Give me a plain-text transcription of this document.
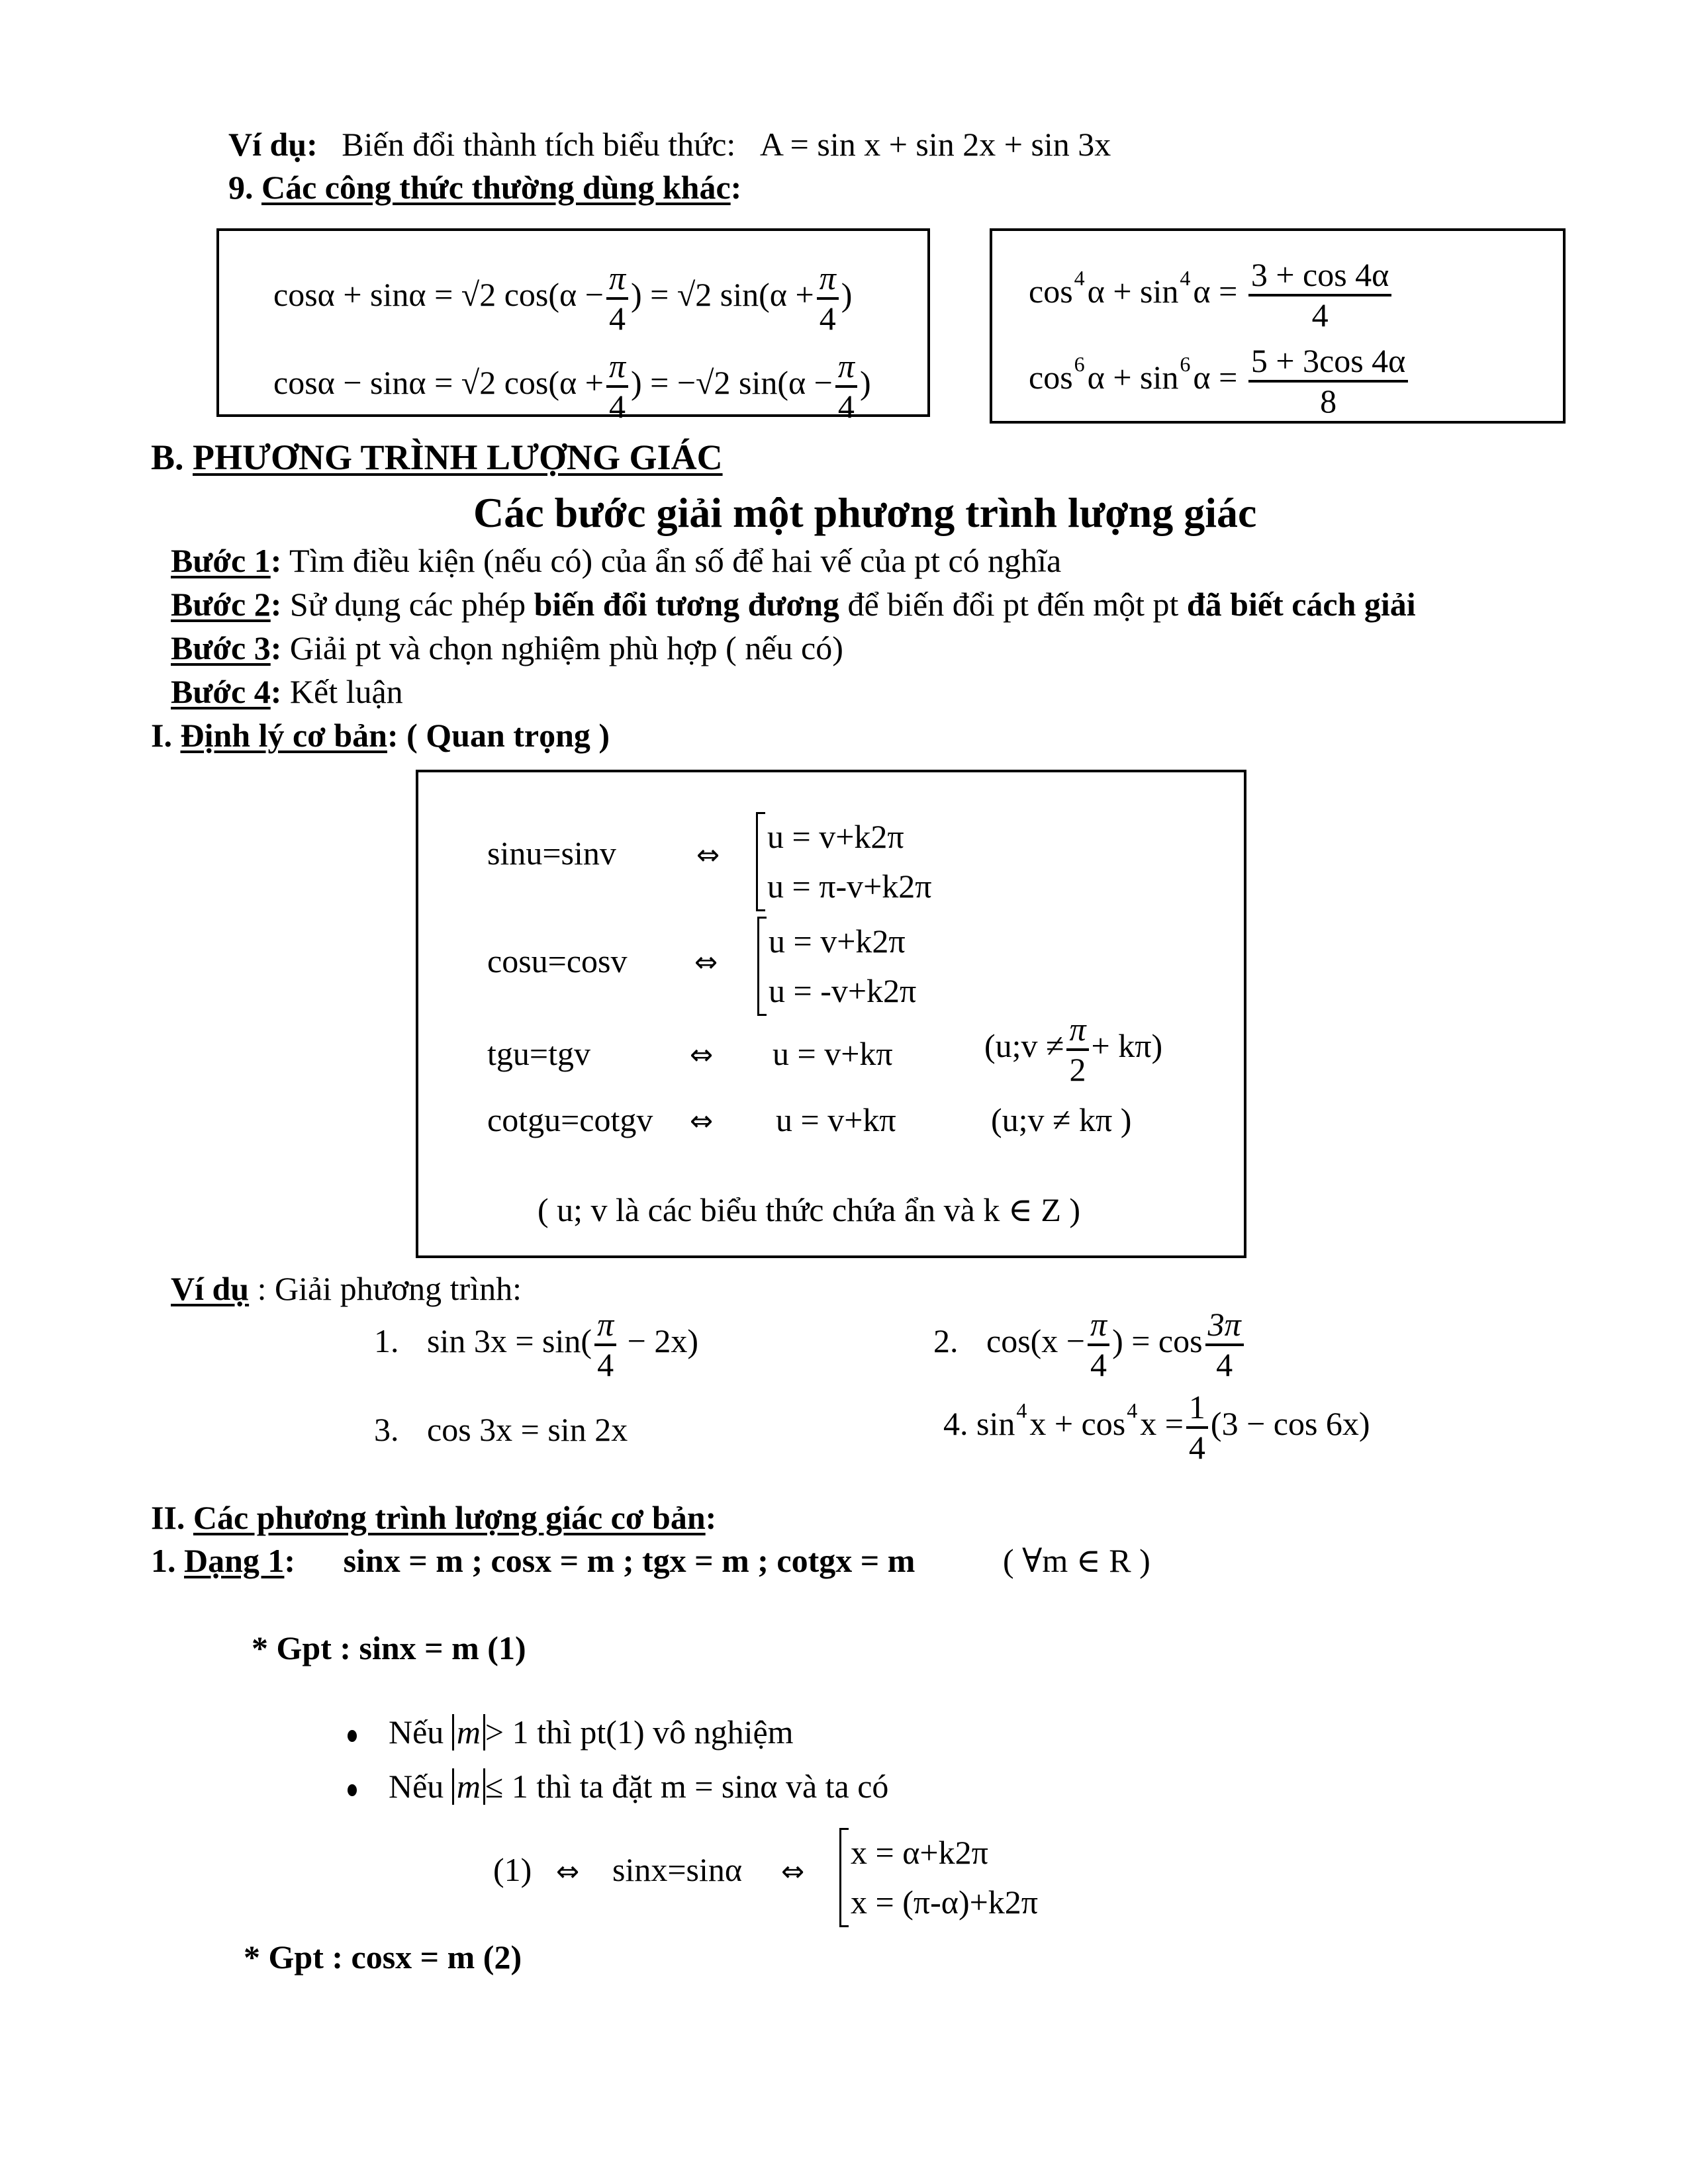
Ví dụ: Biến đổi thành tích biểu thức: A = sin x + sin 2x + sin 3x
9. Các công thức thường dùng khác:
cosα + sinα = √2 $\cos(\alpha - \frac{\pi}{4}$ ) = √2 $\sin(\alpha + \frac{\pi}{4}$ )
cosα − sinα = √2 $\cos(\alpha + \frac{\pi}{4}$ ) = −√2 $\sin(\alpha - \frac{\pi}{4}$ )
$\cos^4\alpha + \sin^4\alpha = \frac{3 + \cos 4\alpha}{4}$
$\cos^6\alpha + \sin^6\alpha = \frac{5 + 3\cos 4\alpha}{8}$
B. PHƯƠNG TRÌNH LƯỢNG GIÁC
Các bước giải một phương trình lượng giác
Bước 1: Tìm điều kiện (nếu có) của ẩn số để hai vế của pt có nghĩa
Bước 2: Sử dụng các phép biến đổi tương đương để biến đổi pt đến một pt đã biết cách giải
Bước 3: Giải pt và chọn nghiệm phù hợp ( nếu có)
Bước 4: Kết luận
I. Định lý cơ bản: ( Quan trọng )
sinu=sinv	⇔ u = v+k2π
u = π-v+k2π
cosu=cosv ⇔
u = v+k2π
u = -v+k2π
tgu=tgv	⇔ u = v+kπ	(u;v ≠ $\frac{\pi}{2} + k\pi$)
cotgu=cotgv ⇔ u = v+kπ	(u;v ≠ kπ )
( u; v là các biểu thức chứa ẩn và k ∈ Z )
Ví dụ : Giải phương trình:
1. $\sin 3x = \sin( \frac{\pi}{4} - 2x)$	2. $\cos(x - \frac{\pi}{4}$ ) = $\cos \frac{3\pi}{4}$
3. cos 3x = sin 2x	4. $\sin^4x + \cos^4x = \frac{1}{4} (3 - \cos 6x)$
II. Các phương trình lượng giác cơ bản:
1. Dạng 1: sinx = m ; cosx = m ; tgx = m ; cotgx = m	( ∀m ∈ R )
* Gpt : sinx = m (1)
Nếu m > 1 thì pt(1) vô nghiệm
Nếu m ≤ 1 thì ta đặt m = sinα và ta có
(1) ⇔ sinx=sinα ⇔
x = α+k2π
x = (π-α)+k2π
* Gpt : cosx = m (2)
